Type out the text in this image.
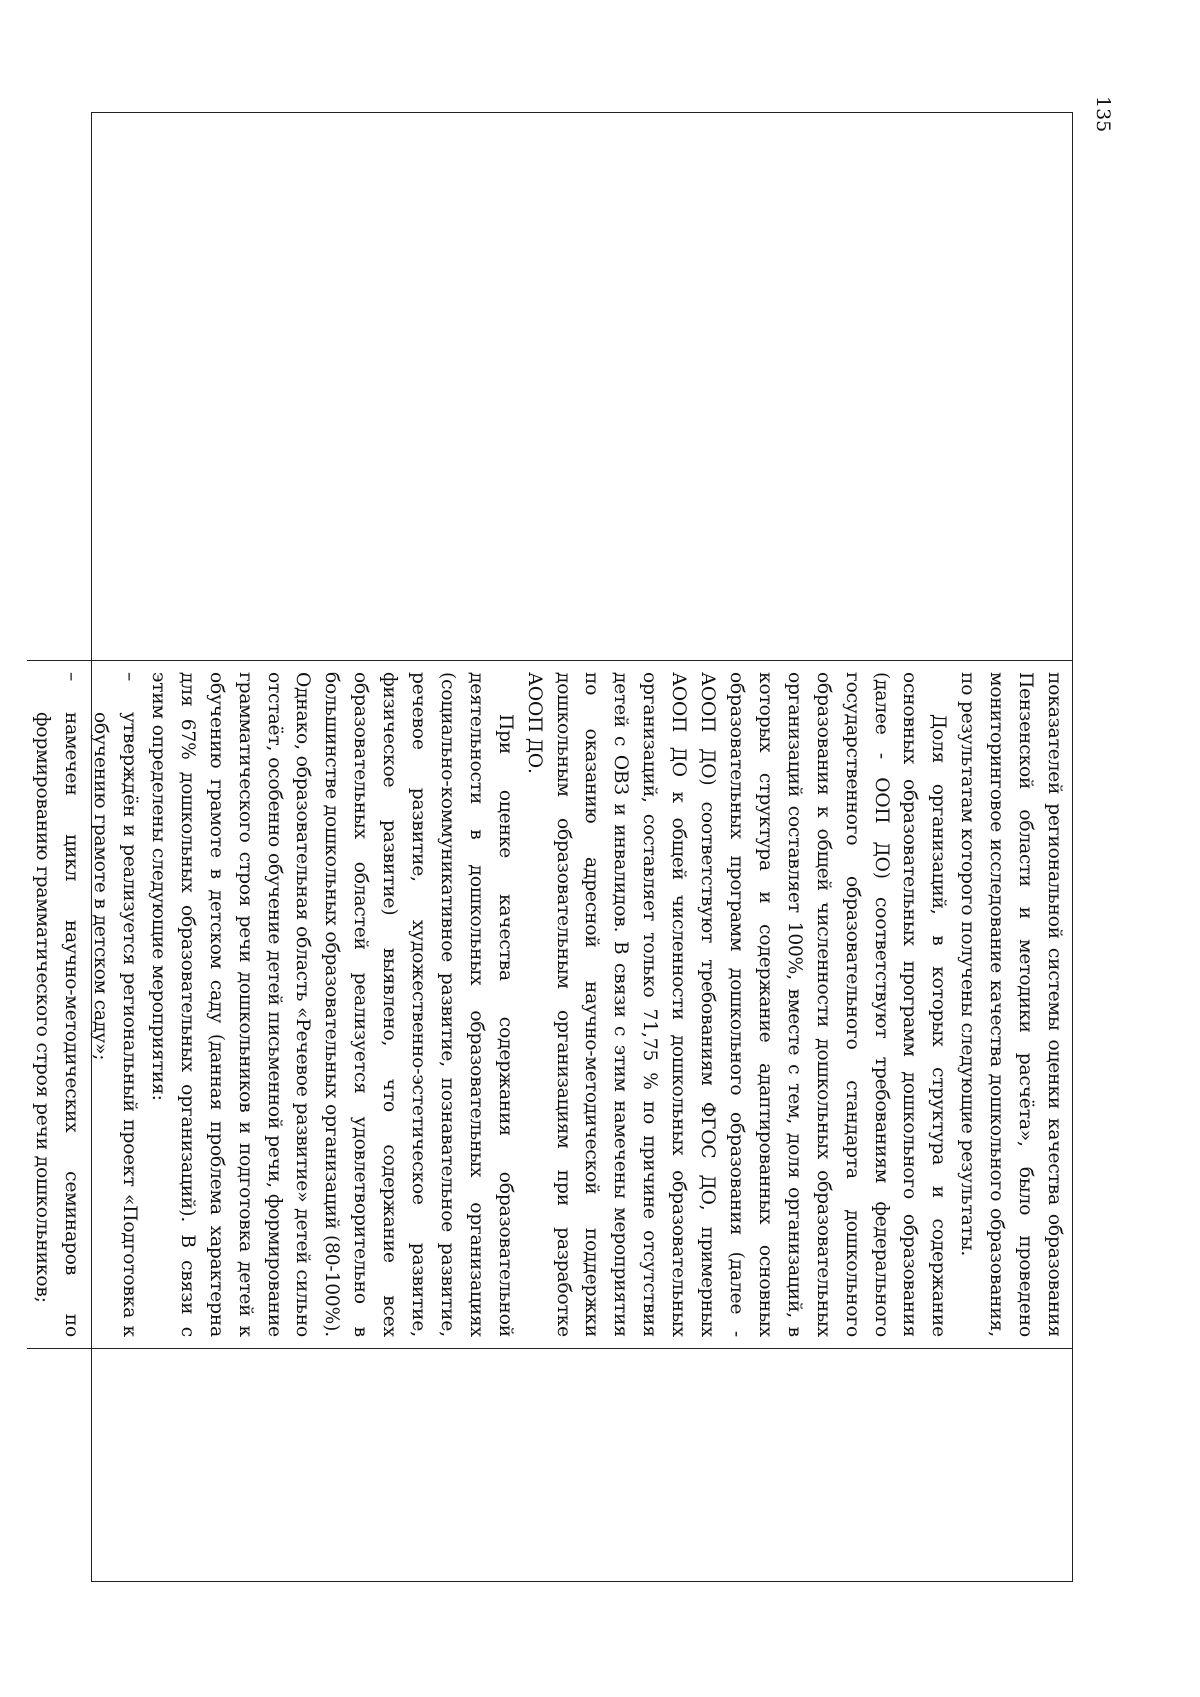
135

показателей региональной системы оценки качества образования Пензенской области и методики расчёта», было проведено мониторинговое исследование качества дошкольного образования, по результатам которого получены следующие результаты.

Доля организаций, в которых структура и содержание основных образовательных программ дошкольного образования (далее - ООП ДО) соответствуют требованиям федерального государственного образовательного стандарта дошкольного образования к общей численности дошкольных образовательных организаций составляет 100%, вместе с тем, доля организаций, в которых структура и содержание адаптированных основных образовательных программ дошкольного образования (далее - АООП ДО) соответствуют требованиям ФГОС ДО, примерных АООП ДО к общей численности дошкольных образовательных организаций, составляет только 71,75 % по причине отсутствия детей с ОВЗ и инвалидов. В связи с этим намечены мероприятия по оказанию адресной научно-методической поддержки дошкольным образовательным организациям при разработке АООП ДО.

При оценке качества содержания образовательной деятельности в дошкольных образовательных организациях (социально-коммуникативное развитие, познавательное развитие, речевое развитие, художественно-эстетическое развитие, физическое развитие) выявлено, что содержание всех образовательных областей реализуется удовлетворительно в большинстве дошкольных образовательных организаций (80-100%). Однако, образовательная область «Речевое развитие» детей сильно отстаёт, особенно обучение детей письменной речи, формирование грамматического строя речи дошкольников и подготовка детей к обучению грамоте в детском саду (данная проблема характерна для 67% дошкольных образовательных организаций). В связи с этим определены следующие мероприятия:

–
утверждён и реализуется региональный проект «Подготовка к обучению грамоте в детском саду»;
–
намечен цикл научно-методических семинаров по формированию грамматического строя речи дошкольников;
